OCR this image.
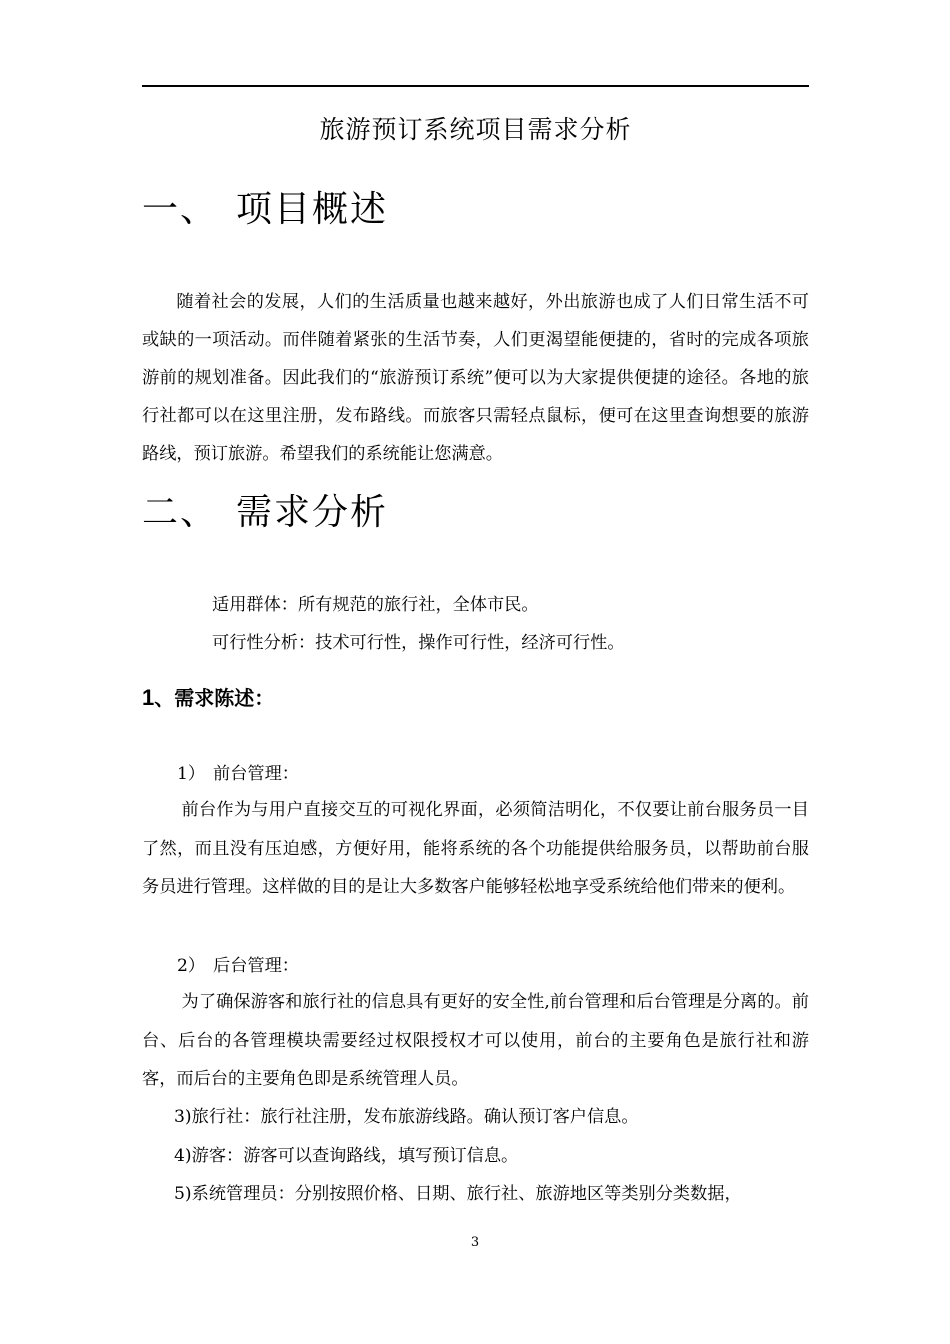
旅游预订系统项目需求分析
一、 项目概述

随着社会的发展，人们的生活质量也越来越好，外出旅游也成了人们日常生活不可或缺的一项活动。而伴随着紧张的生活节奏，人们更渴望能便捷的，省时的完成各项旅游前的规划准备。因此我们的“旅游预订系统”便可以为大家提供便捷的途径。各地的旅行社都可以在这里注册，发布路线。而旅客只需轻点鼠标，便可在这里查询想要的旅游路线，预订旅游。希望我们的系统能让您满意。

二、 需求分析
适用群体：所有规范的旅行社，全体市民。
可行性分析：技术可行性，操作可行性，经济可行性。
1、需求陈述：
1） 前台管理：

前台作为与用户直接交互的可视化界面，必须简洁明化，不仅要让前台服务员一目了然，而且没有压迫感，方便好用，能将系统的各个功能提供给服务员，以帮助前台服务员进行管理。这样做的目的是让大多数客户能够轻松地享受系统给他们带来的便利。

2） 后台管理：

为了确保游客和旅行社的信息具有更好的安全性,前台管理和后台管理是分离的。前台、后台的各管理模块需要经过权限授权才可以使用，前台的主要角色是旅行社和游客，而后台的主要角色即是系统管理人员。

3)旅行社：旅行社注册，发布旅游线路。确认预订客户信息。
4)游客：游客可以查询路线，填写预订信息。
5)系统管理员：分别按照价格、日期、旅行社、旅游地区等类别分类数据，
3
